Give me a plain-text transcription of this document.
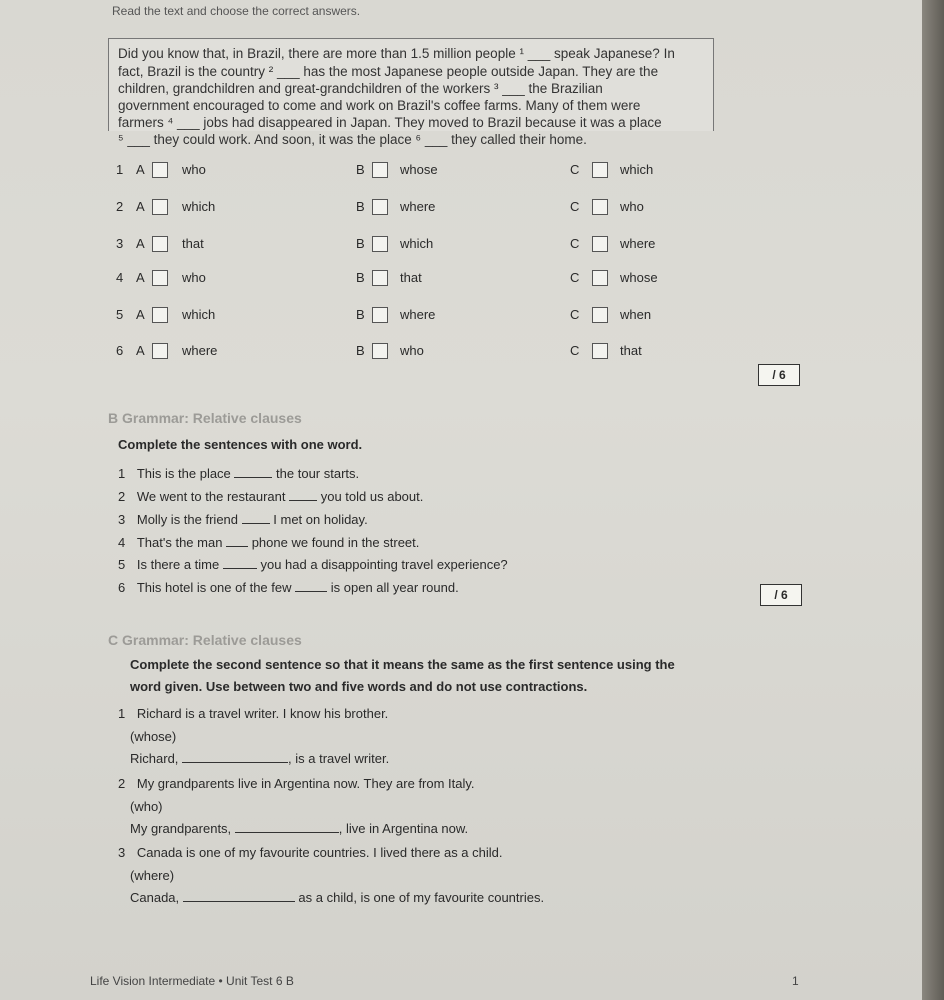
Read the text and choose the correct answers.
Did you know that, in Brazil, there are more than 1.5 million people ¹ ___ speak Japanese? In
fact, Brazil is the country ² ___ has the most Japanese people outside Japan. They are the
children, grandchildren and great-grandchildren of the workers ³ ___ the Brazilian
government encouraged to come and work on Brazil's coffee farms. Many of them were
farmers ⁴ ___ jobs had disappeared in Japan. They moved to Brazil because it was a place
⁵ ___ they could work. And soon, it was the place ⁶ ___ they called their home.
1 A	who	B	whose	C	which
2 A	which	B	where	C	who
3 A	that	B	which	C	where
4 A	who	B	that	C	whose
5 A	which	B	where	C	when
6 A	where	B	who	C	that
/ 6
B Grammar: Relative clauses
Complete the sentences with one word.
1 This is the place	the tour starts.
2 We went to the restaurant	you told us about.
3 Molly is the friend	I met on holiday.
4 That's the man phone we found in the street.
5 Is there a time	you had a disappointing travel experience?
6 This hotel is one of the few	is open all year round.	/ 6
C Grammar: Relative clauses
Complete the second sentence so that it means the same as the first sentence using the
word given. Use between two and five words and do not use contractions.
1 Richard is a travel writer. I know his brother.
(whose)
Richard,	, is a travel writer.
2 My grandparents live in Argentina now. They are from Italy.
(who)
My grandparents,	, live in Argentina now.
3 Canada is one of my favourite countries. I lived there as a child.
(where)
Canada,	as a child, is one of my favourite countries.
Life Vision Intermediate • Unit Test 6 B	1
